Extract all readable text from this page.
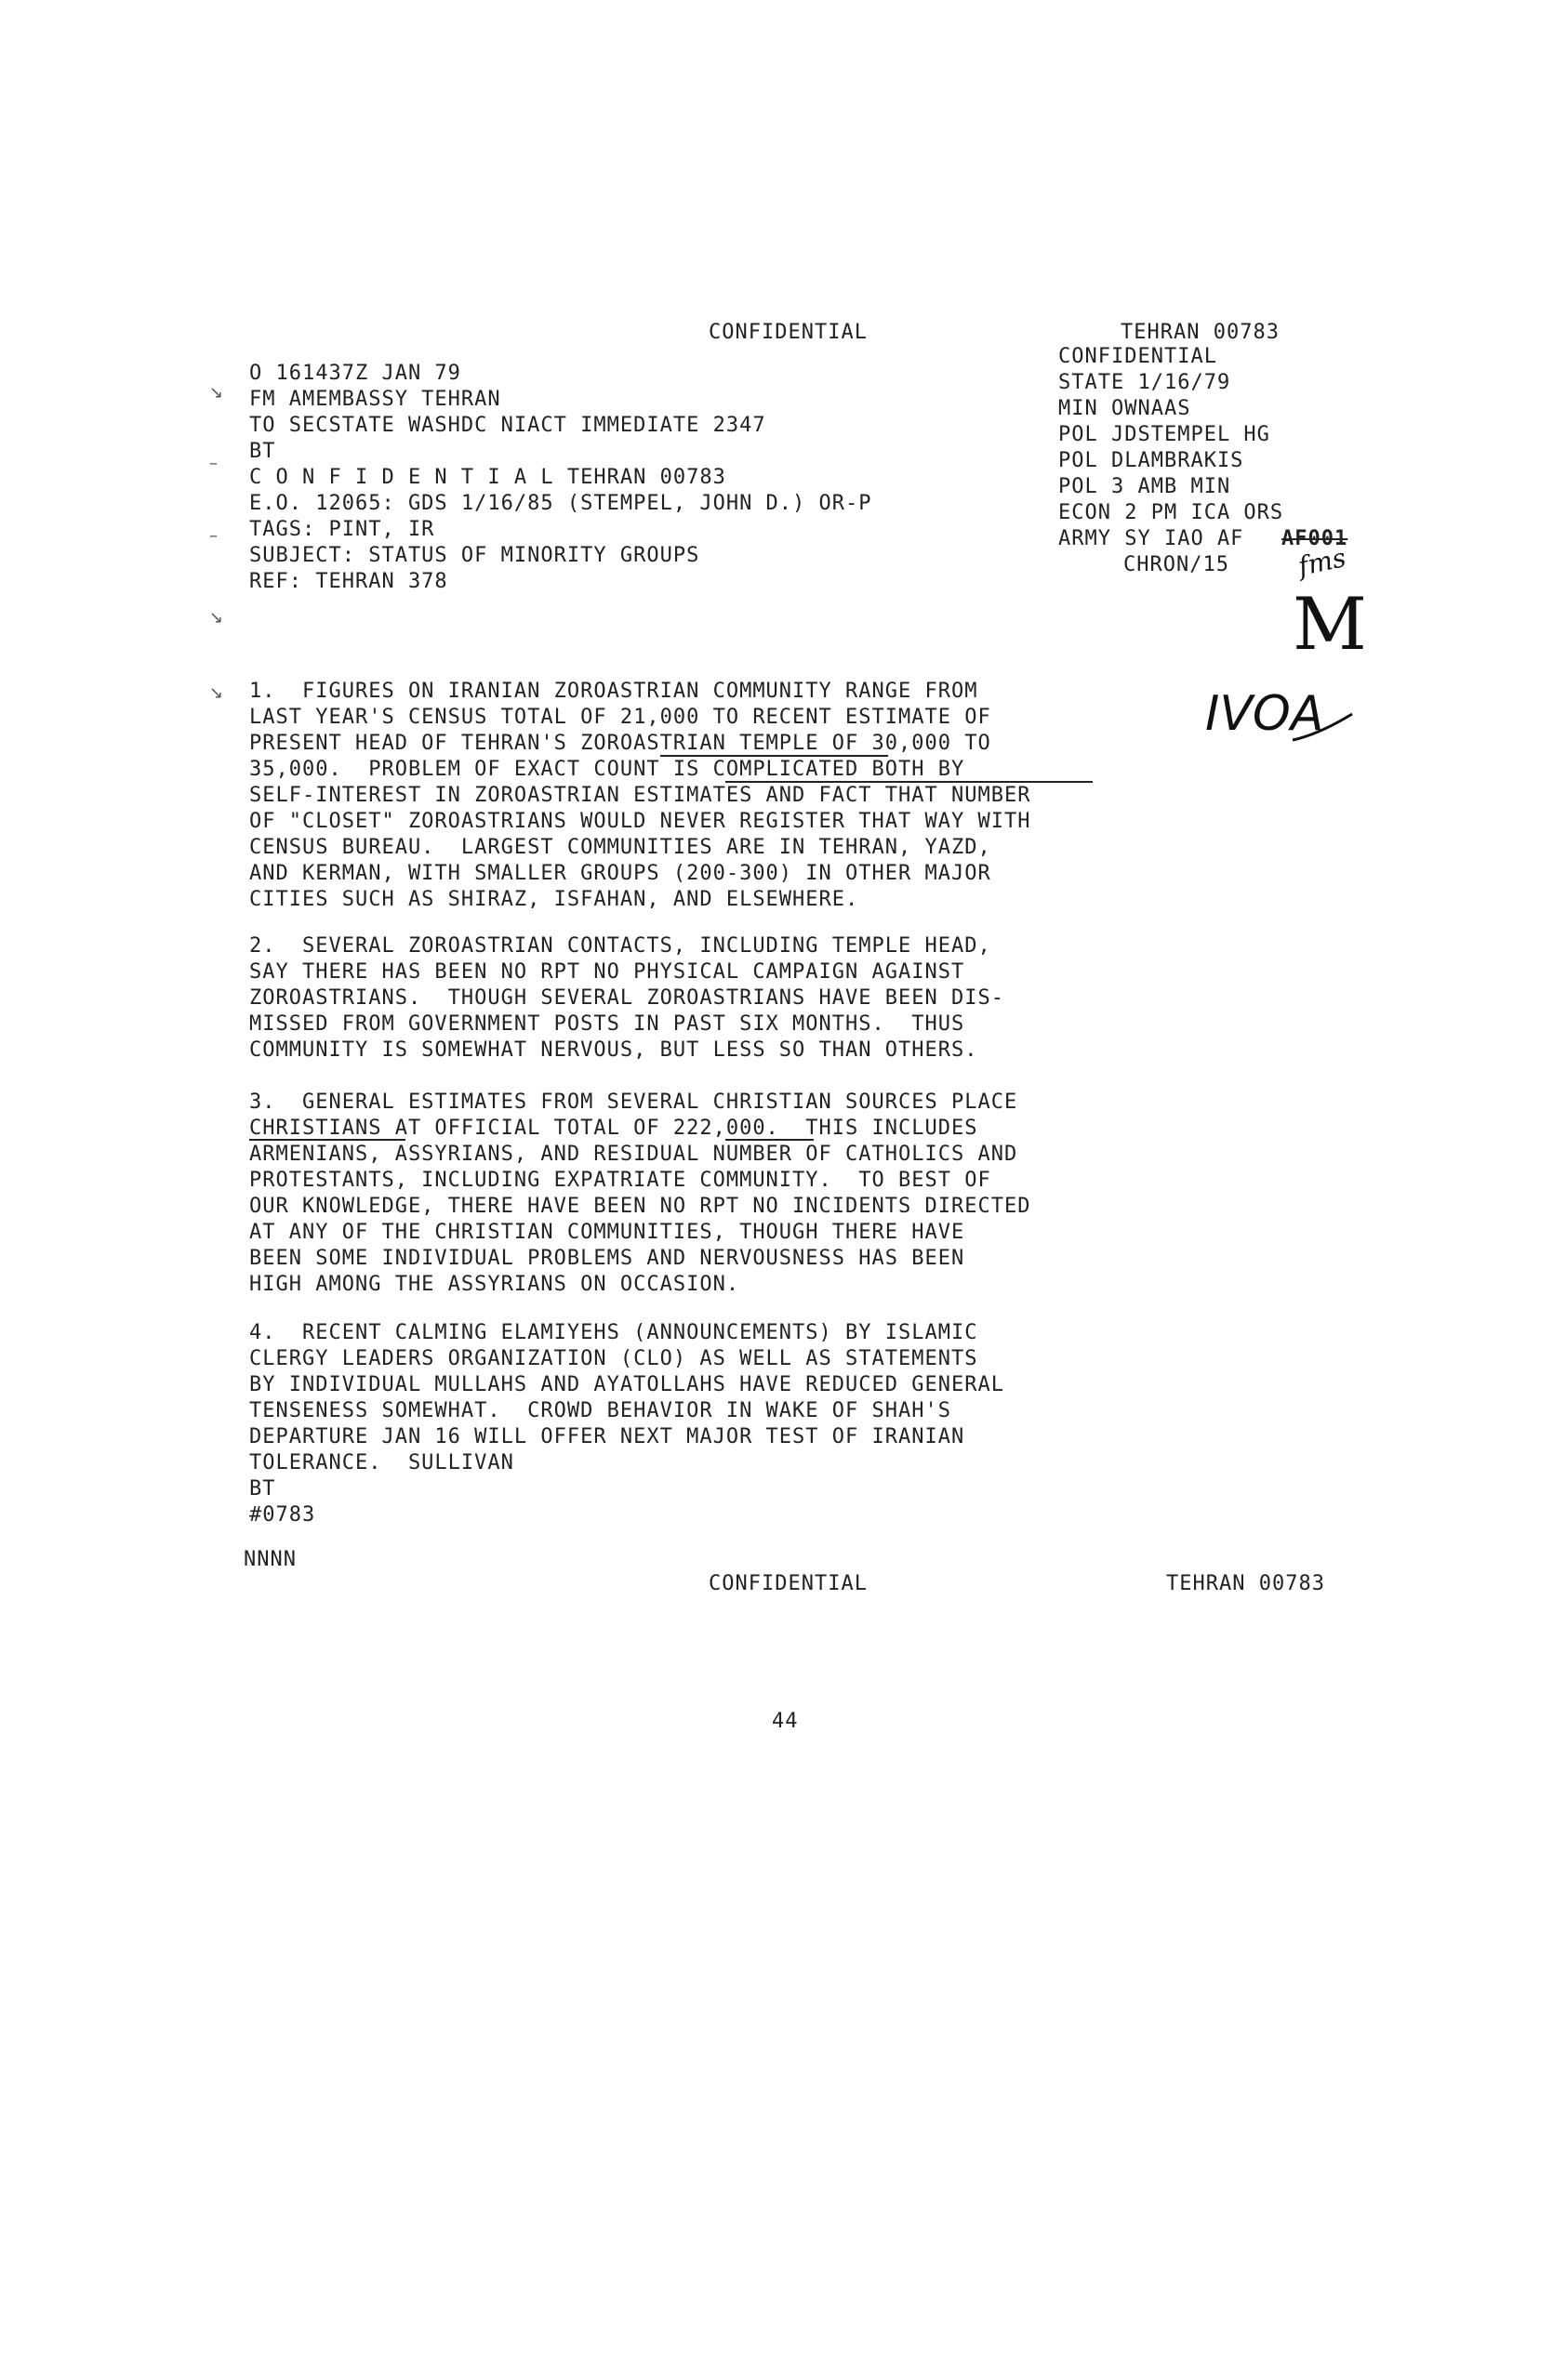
CONFIDENTIAL	TEHRAN 00783
↘
–
–
↘
↘
O 161437Z JAN 79
FM AMEMBASSY TEHRAN
TO SECSTATE WASHDC NIACT IMMEDIATE 2347
BT
C O N F I D E N T I A L TEHRAN 00783
E.O. 12065: GDS 1/16/85 (STEMPEL, JOHN D.) OR-P
TAGS: PINT, IR
SUBJECT: STATUS OF MINORITY GROUPS
REF: TEHRAN 378
CONFIDENTIAL
STATE 1/16/79
MIN OWNAAS
POL JDSTEMPEL HG
POL DLAMBRAKIS
POL 3 AMB MIN
ECON 2 PM ICA ORS
ARMY SY IAO AF
CHRON/15
AF001
fms
M
IVOA
1.  FIGURES ON IRANIAN ZOROASTRIAN COMMUNITY RANGE FROM
LAST YEAR'S CENSUS TOTAL OF 21,000 TO RECENT ESTIMATE OF
PRESENT HEAD OF TEHRAN'S ZOROASTRIAN TEMPLE OF 30,000 TO
35,000.  PROBLEM OF EXACT COUNT IS COMPLICATED BOTH BY
SELF-INTEREST IN ZOROASTRIAN ESTIMATES AND FACT THAT NUMBER
OF "CLOSET" ZOROASTRIANS WOULD NEVER REGISTER THAT WAY WITH
CENSUS BUREAU.  LARGEST COMMUNITIES ARE IN TEHRAN, YAZD,
AND KERMAN, WITH SMALLER GROUPS (200-300) IN OTHER MAJOR
CITIES SUCH AS SHIRAZ, ISFAHAN, AND ELSEWHERE.
2.  SEVERAL ZOROASTRIAN CONTACTS, INCLUDING TEMPLE HEAD,
SAY THERE HAS BEEN NO RPT NO PHYSICAL CAMPAIGN AGAINST
ZOROASTRIANS.  THOUGH SEVERAL ZOROASTRIANS HAVE BEEN DIS-
MISSED FROM GOVERNMENT POSTS IN PAST SIX MONTHS.  THUS
COMMUNITY IS SOMEWHAT NERVOUS, BUT LESS SO THAN OTHERS.
3.  GENERAL ESTIMATES FROM SEVERAL CHRISTIAN SOURCES PLACE
CHRISTIANS AT OFFICIAL TOTAL OF 222,000.  THIS INCLUDES
ARMENIANS, ASSYRIANS, AND RESIDUAL NUMBER OF CATHOLICS AND
PROTESTANTS, INCLUDING EXPATRIATE COMMUNITY.  TO BEST OF
OUR KNOWLEDGE, THERE HAVE BEEN NO RPT NO INCIDENTS DIRECTED
AT ANY OF THE CHRISTIAN COMMUNITIES, THOUGH THERE HAVE
BEEN SOME INDIVIDUAL PROBLEMS AND NERVOUSNESS HAS BEEN
HIGH AMONG THE ASSYRIANS ON OCCASION.
4.  RECENT CALMING ELAMIYEHS (ANNOUNCEMENTS) BY ISLAMIC
CLERGY LEADERS ORGANIZATION (CLO) AS WELL AS STATEMENTS
BY INDIVIDUAL MULLAHS AND AYATOLLAHS HAVE REDUCED GENERAL
TENSENESS SOMEWHAT.  CROWD BEHAVIOR IN WAKE OF SHAH'S
DEPARTURE JAN 16 WILL OFFER NEXT MAJOR TEST OF IRANIAN
TOLERANCE.  SULLIVAN
BT
#0783
NNNN
CONFIDENTIAL	TEHRAN 00783
44
